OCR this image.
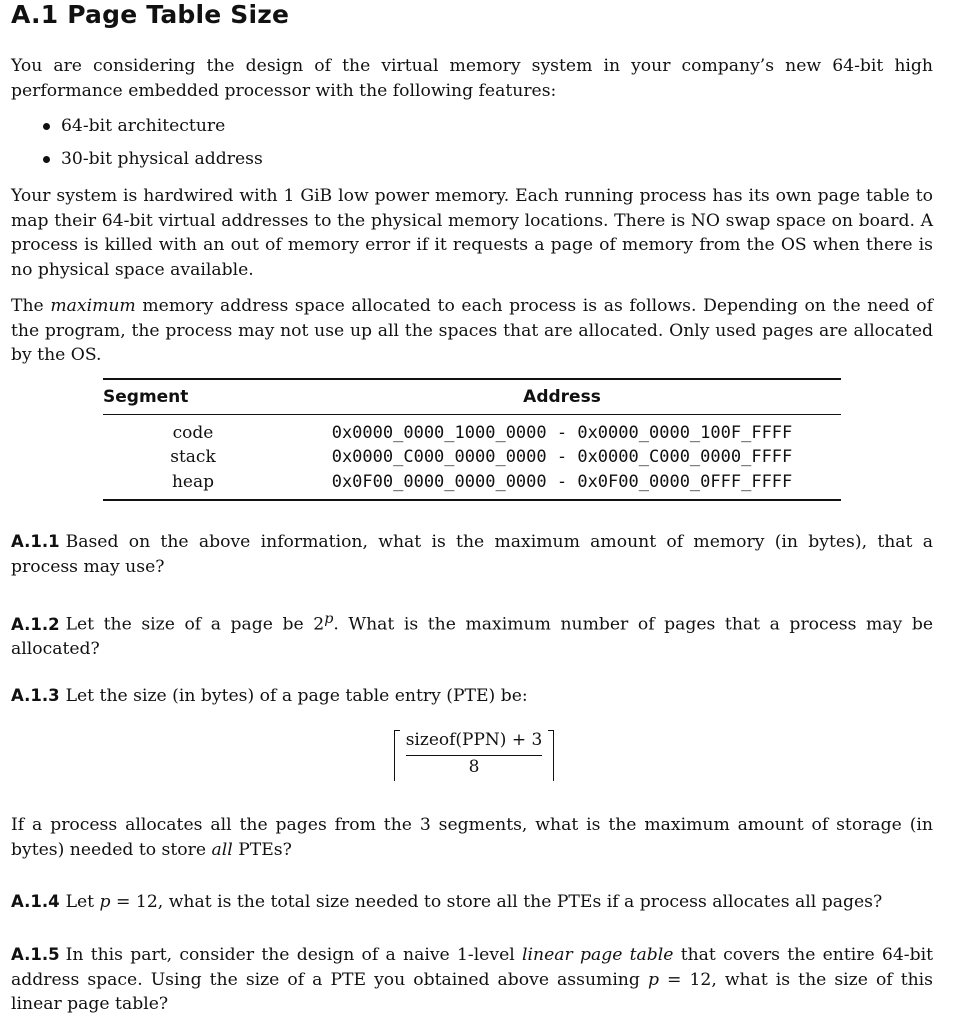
A.1 Page Table Size
You are considering the design of the virtual memory system in your company’s new 64-bit high performance embedded processor with the following features:
64-bit architecture
30-bit physical address
Your system is hardwired with 1 GiB low power memory. Each running process has its own page table to map their 64-bit virtual addresses to the physical memory locations. There is NO swap space on board. A process is killed with an out of memory error if it requests a page of memory from the OS when there is no physical space available.
The maximum memory address space allocated to each process is as follows. Depending on the need of the program, the process may not use up all the spaces that are allocated. Only used pages are allocated by the OS.
Segment	Address
code	0x0000_0000_1000_0000 - 0x0000_0000_100F_FFFF
stack	0x0000_C000_0000_0000 - 0x0000_C000_0000_FFFF
heap	0x0F00_0000_0000_0000 - 0x0F00_0000_0FFF_FFFF
A.1.1 Based on the above information, what is the maximum amount of memory (in bytes), that a process may use?
A.1.2 Let the size of a page be 2$^p$. What is the maximum number of pages that a process may be allocated?
A.1.3 Let the size (in bytes) of a page table entry (PTE) be:
sizeof(PPN) + 3
8
If a process allocates all the pages from the 3 segments, what is the maximum amount of storage (in bytes) needed to store all PTEs?
A.1.4 Let p = 12, what is the total size needed to store all the PTEs if a process allocates all pages?
A.1.5 In this part, consider the design of a naive 1-level linear page table that covers the entire 64-bit address space. Using the size of a PTE you obtained above assuming p = 12, what is the size of this linear page table?
